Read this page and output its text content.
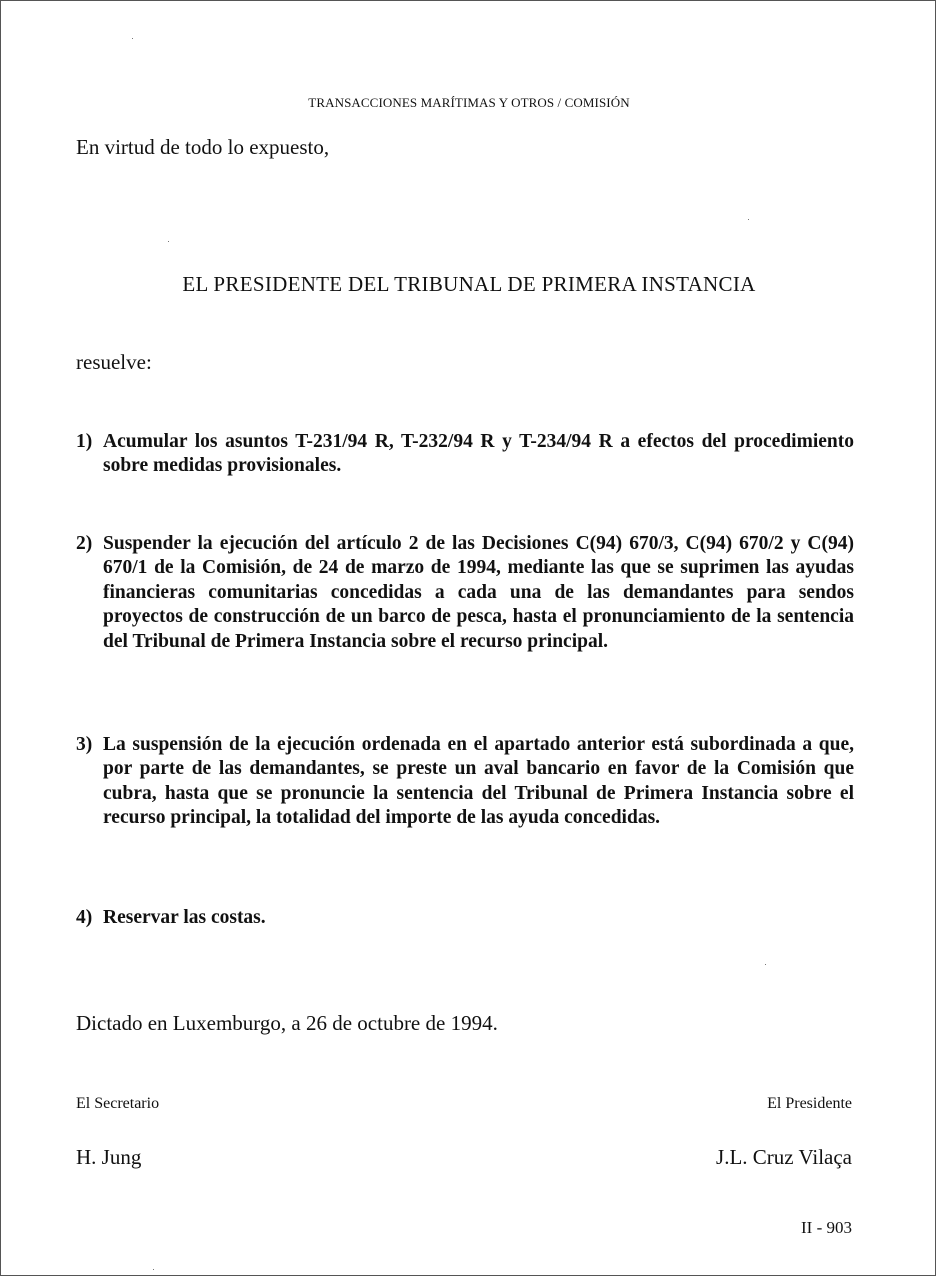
TRANSACCIONES MARÍTIMAS Y OTROS / COMISIÓN
En virtud de todo lo expuesto,
EL PRESIDENTE DEL TRIBUNAL DE PRIMERA INSTANCIA
resuelve:
1) Acumular los asuntos T-231/94 R, T-232/94 R y T-234/94 R a efectos del procedimiento sobre medidas provisionales.
2) Suspender la ejecución del artículo 2 de las Decisiones C(94) 670/3, C(94) 670/2 y C(94) 670/1 de la Comisión, de 24 de marzo de 1994, mediante las que se suprimen las ayudas financieras comunitarias concedidas a cada una de las demandantes para sendos proyectos de construcción de un barco de pesca, hasta el pronunciamiento de la sentencia del Tribunal de Primera Instancia sobre el recurso principal.
3) La suspensión de la ejecución ordenada en el apartado anterior está subordinada a que, por parte de las demandantes, se preste un aval bancario en favor de la Comisión que cubra, hasta que se pronuncie la sentencia del Tribunal de Primera Instancia sobre el recurso principal, la totalidad del importe de las ayuda concedidas.
4) Reservar las costas.
Dictado en Luxemburgo, a 26 de octubre de 1994.
El Secretario	El Presidente
H. Jung	J.L. Cruz Vilaça
II - 903
